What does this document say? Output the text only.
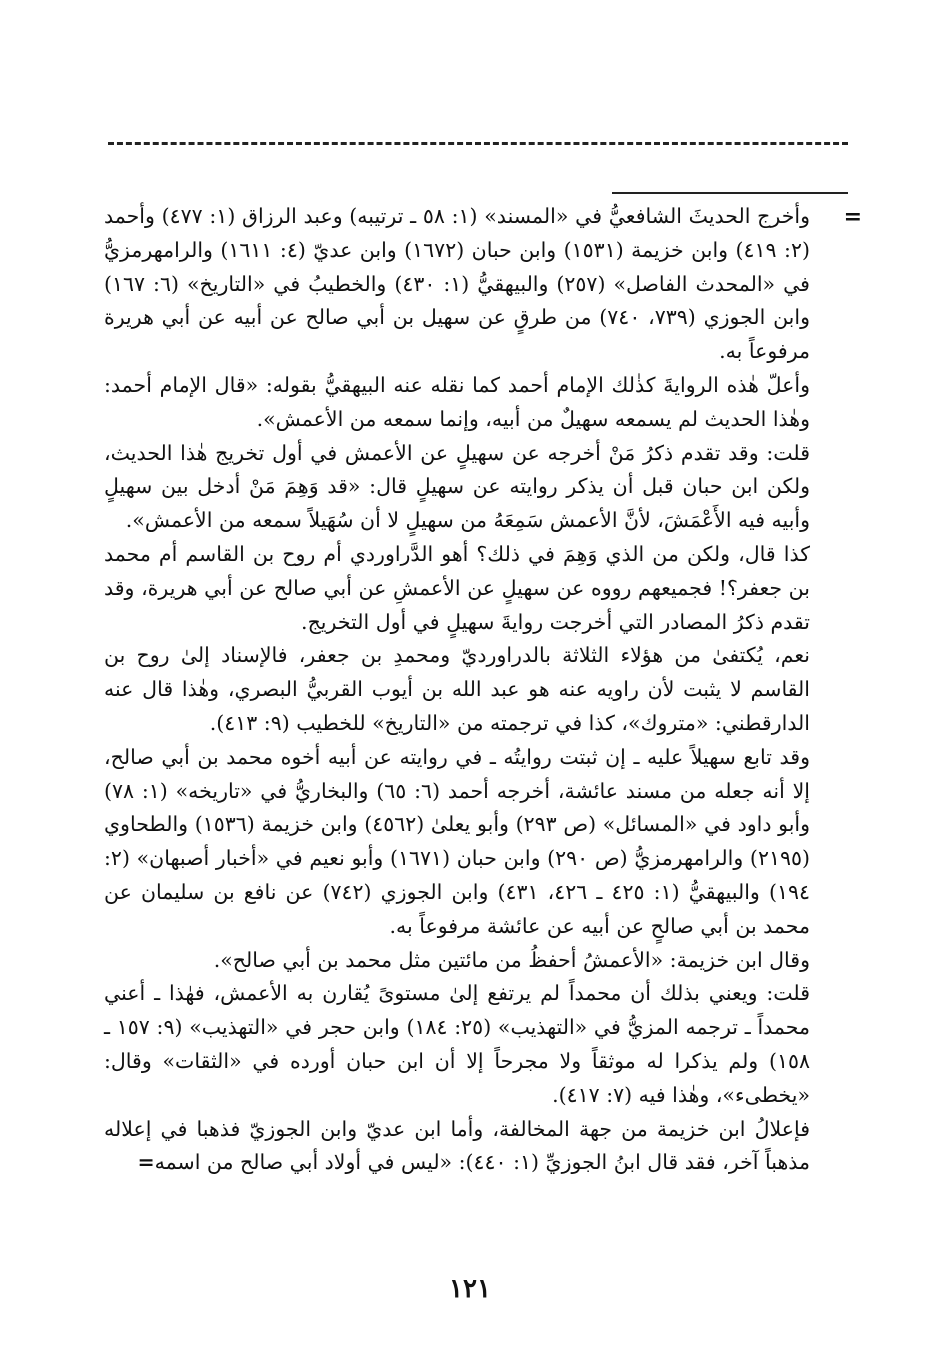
=

وأخرج الحديثَ الشافعيُّ في «المسند» (١: ٥٨ ـ ترتيبه) وعبد الرزاق (١: ٤٧٧) وأحمد (٢: ٤١٩) وابن خزيمة (١٥٣١) وابن حبان (١٦٧٢) وابن عديّ (٤: ١٦١١) والرامهرمزيُّ في «المحدث الفاصل» (٢٥٧) والبيهقيُّ (١: ٤٣٠) والخطيبُ في «التاريخ» (٦: ١٦٧) وابن الجوزي (٧٣٩، ٧٤٠) من طرقٍ عن سهيل بن أبي صالح عن أبيه عن أبي هريرة مرفوعاً به.

وأعلّ هٰذه الروايةَ كذٰلك الإمام أحمد كما نقله عنه البيهقيُّ بقوله: «قال الإمام أحمد: وهٰذا الحديث لم يسمعه سهيلٌ من أبيه، وإنما سمعه من الأعمش».

قلت: وقد تقدم ذكرُ مَنْ أخرجه عن سهيلٍ عن الأعمش في أول تخريج هٰذا الحديث، ولكن ابن حبان قبل أن يذكر روايته عن سهيلٍ قال: «قد وَهِمَ مَنْ أدخل بين سهيلٍ وأبيه فيه الأَعْمَشَ، لأنَّ الأعمش سَمِعَهُ من سهيلٍ لا أن سُهَيلاً سمعه من الأعمش».

كذا قال، ولكن من الذي وَهِمَ في ذلك؟ أهو الدَّراوردي أم روح بن القاسم أم محمد بن جعفر؟! فجميعهم رووه عن سهيلٍ عن الأعمشِ عن أبي صالح عن أبي هريرة، وقد تقدم ذكرُ المصادر التي أخرجت روايةَ سهيلٍ في أول التخريج.

نعم، يُكتفىٰ من هؤلاء الثلاثة بالدراورديّ ومحمدِ بن جعفر، فالإسناد إلىٰ روح بن القاسم لا يثبت لأن راويه عنه هو عبد الله بن أيوب القربيُّ البصري، وهٰذا قال عنه الدارقطني: «متروك»، كذا في ترجمته من «التاريخ» للخطيب (٩: ٤١٣).

وقد تابع سهيلاً عليه ـ إن ثبتت روايتُه ـ في روايته عن أبيه أخوه محمد بن أبي صالح، إلا أنه جعله من مسند عائشة، أخرجه أحمد (٦: ٦٥) والبخاريُّ في «تاريخه» (١: ٧٨) وأبو داود في «المسائل» (ص ٢٩٣) وأبو يعلىٰ (٤٥٦٢) وابن خزيمة (١٥٣٦) والطحاوي (٢١٩٥) والرامهرمزيُّ (ص ٢٩٠) وابن حبان (١٦٧١) وأبو نعيم في «أخبار أصبهان» (٢: ١٩٤) والبيهقيُّ (١: ٤٢٥ ـ ٤٢٦، ٤٣١) وابن الجوزي (٧٤٢) عن نافع بن سليمان عن محمد بن أبي صالحٍ عن أبيه عن عائشة مرفوعاً به.

وقال ابن خزيمة: «الأعمشُ أحفظُ من مائتين مثل محمد بن أبي صالح».

قلت: ويعني بذلك أن محمداً لم يرتفع إلىٰ مستوىً يُقارن به الأعمش، فهٰذا ـ أعني محمداً ـ ترجمه المزيُّ في «التهذيب» (٢٥: ١٨٤) وابن حجر في «التهذيب» (٩: ١٥٧ ـ ١٥٨) ولم يذكرا له موثقاً ولا مجرحاً إلا أن ابن حبان أورده في «الثقات» وقال: «يخطىء»، وهٰذا فيه (٧: ٤١٧).

فإعلالُ ابن خزيمة من جهة المخالفة، وأما ابن عديّ وابن الجوزيّ فذهبا في إعلاله مذهباً آخر، فقد قال ابنُ الجوزيِّ (١: ٤٤٠): «ليس في أولاد أبي صالح من اسمه=

١٢١
